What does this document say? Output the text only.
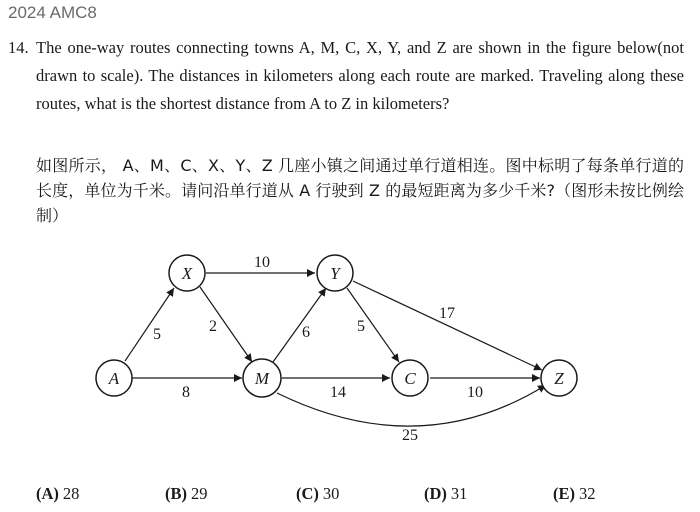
2024 AMC8
14. The one-way routes connecting towns A, M, C, X, Y, and Z are shown in the figure below(not drawn to scale). The distances in kilometers along each route are marked. Traveling along these routes, what is the shortest distance from A to Z in kilometers?
如图所示， A、M、C、X、Y、Z 几座小镇之间通过单行道相连。图中标明了每条单行道的长度，单位为千米。请问沿单行道从 A 行驶到 Z 的最短距离为多少千米?（图形未按比例绘制）
A
X
M
Y
C	Z
5
8
2
10
6
14
25
5
17
10
(A) 28	(B) 29	(C) 30	(D) 31	(E) 32
